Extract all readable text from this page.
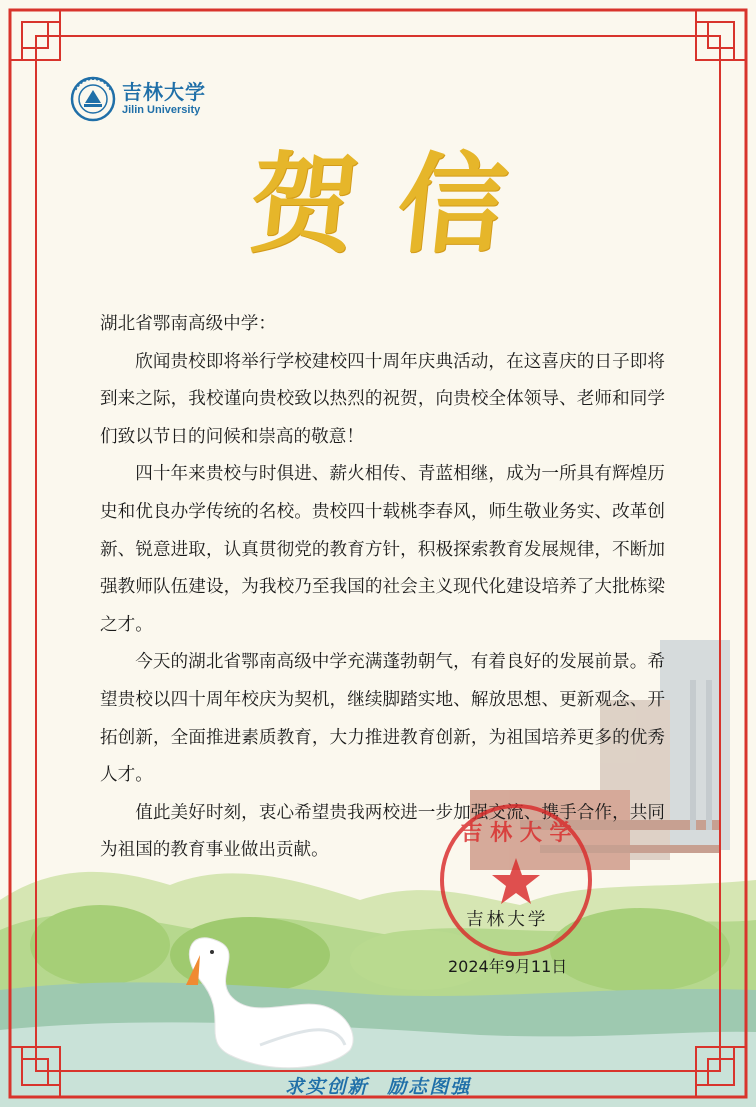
吉林大学
Jilin University
贺信

湖北省鄂南高级中学：

欣闻贵校即将举行学校建校四十周年庆典活动，在这喜庆的日子即将到来之际，我校谨向贵校致以热烈的祝贺，向贵校全体领导、老师和同学们致以节日的问候和崇高的敬意！

四十年来贵校与时俱进、薪火相传、青蓝相继，成为一所具有辉煌历史和优良办学传统的名校。贵校四十载桃李春风，师生敬业务实、改革创新、锐意进取，认真贯彻党的教育方针，积极探索教育发展规律，不断加强教师队伍建设，为我校乃至我国的社会主义现代化建设培养了大批栋梁之才。

今天的湖北省鄂南高级中学充满蓬勃朝气，有着良好的发展前景。希望贵校以四十周年校庆为契机，继续脚踏实地、解放思想、更新观念、开拓创新，全面推进素质教育，大力推进教育创新，为祖国培养更多的优秀人才。

值此美好时刻，衷心希望贵我两校进一步加强交流、携手合作，共同为祖国的教育事业做出贡献。

吉 林 大 学
吉林大学
2024年9月11日
求实创新 励志图强
